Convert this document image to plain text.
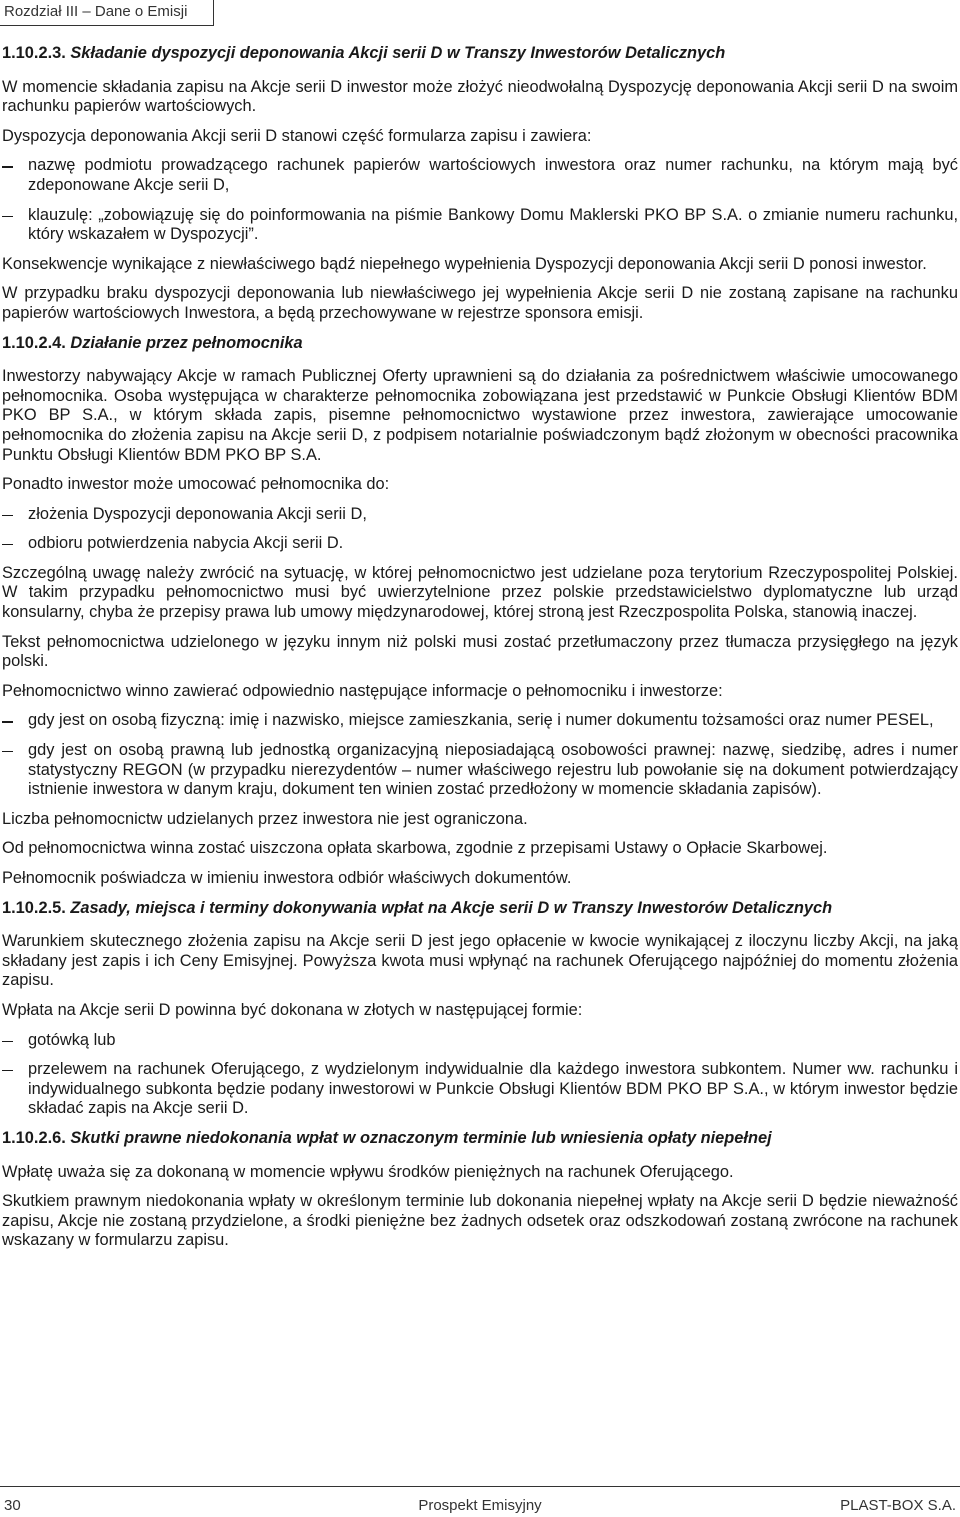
Rozdział III – Dane o Emisji
1.10.2.3. Składanie dyspozycji deponowania Akcji serii D w Transzy Inwestorów Detalicznych

W momencie składania zapisu na Akcje serii D inwestor może złożyć nieodwołalną Dyspozycję deponowania Akcji serii D na swoim rachunku papierów wartościowych.

Dyspozycja deponowania Akcji serii D stanowi część formularza zapisu i zawiera:

nazwę podmiotu prowadzącego rachunek papierów wartościowych inwestora oraz numer rachunku, na którym mają być zdeponowane Akcje serii D,
klauzulę: „zobowiązuję się do poinformowania na piśmie Bankowy Domu Maklerski PKO BP S.A. o zmianie numeru rachunku, który wskazałem w Dyspozycji”.

Konsekwencje wynikające z niewłaściwego bądź niepełnego wypełnienia Dyspozycji deponowania Akcji serii D ponosi inwestor.

W przypadku braku dyspozycji deponowania lub niewłaściwego jej wypełnienia Akcje serii D nie zostaną zapisane na rachunku papierów wartościowych Inwestora, a będą przechowywane w rejestrze sponsora emisji.

1.10.2.4. Działanie przez pełnomocnika

Inwestorzy nabywający Akcje w ramach Publicznej Oferty uprawnieni są do działania za pośrednictwem właściwie umocowanego pełnomocnika. Osoba występująca w charakterze pełnomocnika zobowiązana jest przedstawić w Punkcie Obsługi Klientów BDM PKO BP S.A., w którym składa zapis, pisemne pełnomocnictwo wystawione przez inwestora, zawierające umocowanie pełnomocnika do złożenia zapisu na Akcje serii D, z podpisem notarialnie poświadczonym bądź złożonym w obecności pracownika Punktu Obsługi Klientów BDM PKO BP S.A.

Ponadto inwestor może umocować pełnomocnika do:

złożenia Dyspozycji deponowania Akcji serii D,
odbioru potwierdzenia nabycia Akcji serii D.

Szczególną uwagę należy zwrócić na sytuację, w której pełnomocnictwo jest udzielane poza terytorium Rzeczypospolitej Polskiej. W takim przypadku pełnomocnictwo musi być uwierzytelnione przez polskie przedstawicielstwo dyplomatyczne lub urząd konsularny, chyba że przepisy prawa lub umowy międzynarodowej, której stroną jest Rzeczpospolita Polska, stanowią inaczej.

Tekst pełnomocnictwa udzielonego w języku innym niż polski musi zostać przetłumaczony przez tłumacza przysięgłego na język polski.

Pełnomocnictwo winno zawierać odpowiednio następujące informacje o pełnomocniku i inwestorze:

gdy jest on osobą fizyczną: imię i nazwisko, miejsce zamieszkania, serię i numer dokumentu tożsamości oraz numer PESEL,
gdy jest on osobą prawną lub jednostką organizacyjną nieposiadającą osobowości prawnej: nazwę, siedzibę, adres i numer statystyczny REGON (w przypadku nierezydentów – numer właściwego rejestru lub powołanie się na dokument potwierdzający istnienie inwestora w danym kraju, dokument ten winien zostać przedłożony w momencie składania zapisów).

Liczba pełnomocnictw udzielanych przez inwestora nie jest ograniczona.

Od pełnomocnictwa winna zostać uiszczona opłata skarbowa, zgodnie z przepisami Ustawy o Opłacie Skarbowej.

Pełnomocnik poświadcza w imieniu inwestora odbiór właściwych dokumentów.

1.10.2.5. Zasady, miejsca i terminy dokonywania wpłat na Akcje serii D w Transzy Inwestorów Detalicznych

Warunkiem skutecznego złożenia zapisu na Akcje serii D jest jego opłacenie w kwocie wynikającej z iloczynu liczby Akcji, na jaką składany jest zapis i ich Ceny Emisyjnej. Powyższa kwota musi wpłynąć na rachunek Oferującego najpóźniej do momentu złożenia zapisu.

Wpłata na Akcje serii D powinna być dokonana w złotych w następującej formie:

gotówką lub
przelewem na rachunek Oferującego, z wydzielonym indywidualnie dla każdego inwestora subkontem. Numer ww. rachunku i indywidualnego subkonta będzie podany inwestorowi w Punkcie Obsługi Klientów BDM PKO BP S.A., w którym inwestor będzie składać zapis na Akcje serii D.
1.10.2.6. Skutki prawne niedokonania wpłat w oznaczonym terminie lub wniesienia opłaty niepełnej

Wpłatę uważa się za dokonaną w momencie wpływu środków pieniężnych na rachunek Oferującego.

Skutkiem prawnym niedokonania wpłaty w określonym terminie lub dokonania niepełnej wpłaty na Akcje serii D będzie nieważność zapisu, Akcje nie zostaną przydzielone, a środki pieniężne bez żadnych odsetek oraz odszkodowań zostaną zwrócone na rachunek wskazany w formularzu zapisu.

30	Prospekt Emisyjny	PLAST-BOX S.A.
